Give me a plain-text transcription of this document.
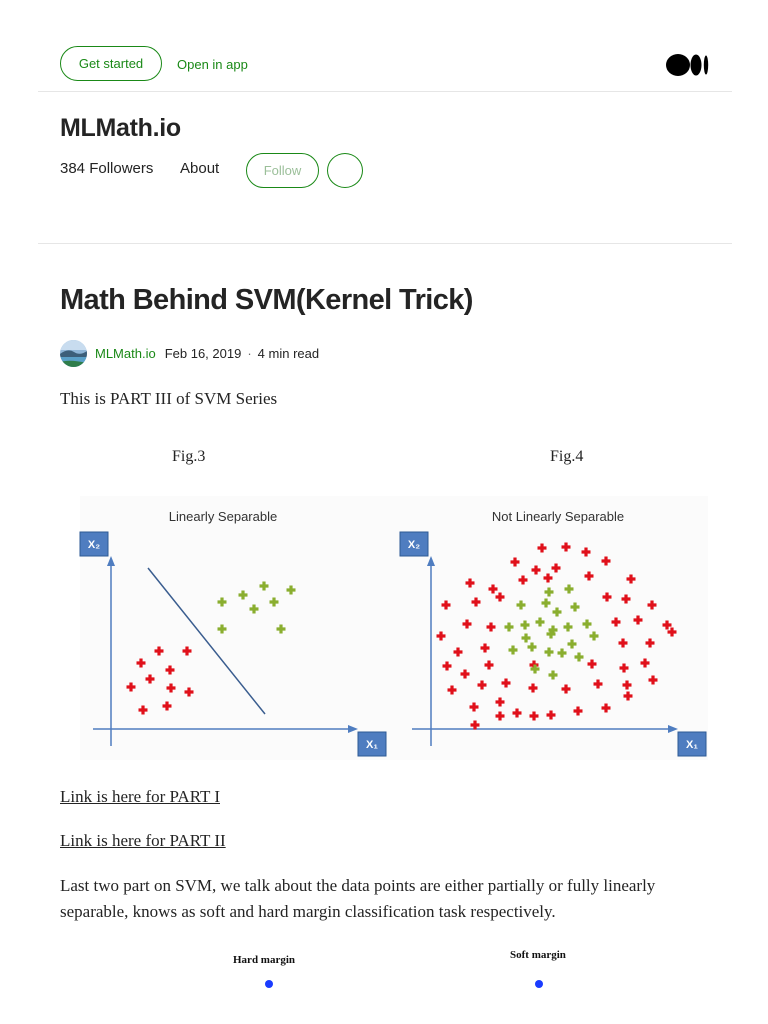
Get started	Open in app
MLMath.io
384 Followers About	Follow
Math Behind SVM(Kernel Trick)
MLMath.io Feb 16, 2019 · 4 min read
This is PART III of SVM Series
Fig.3	Fig.4
Linearly Separable
X₂
X₁
Not Linearly Separable
X₂
X₁
Link is here for PART I
Link is here for PART II
Last two part on SVM, we talk about the data points are either partially or fully linearly separable, knows as soft and hard margin classification task respectively.
Hard margin	Soft margin
